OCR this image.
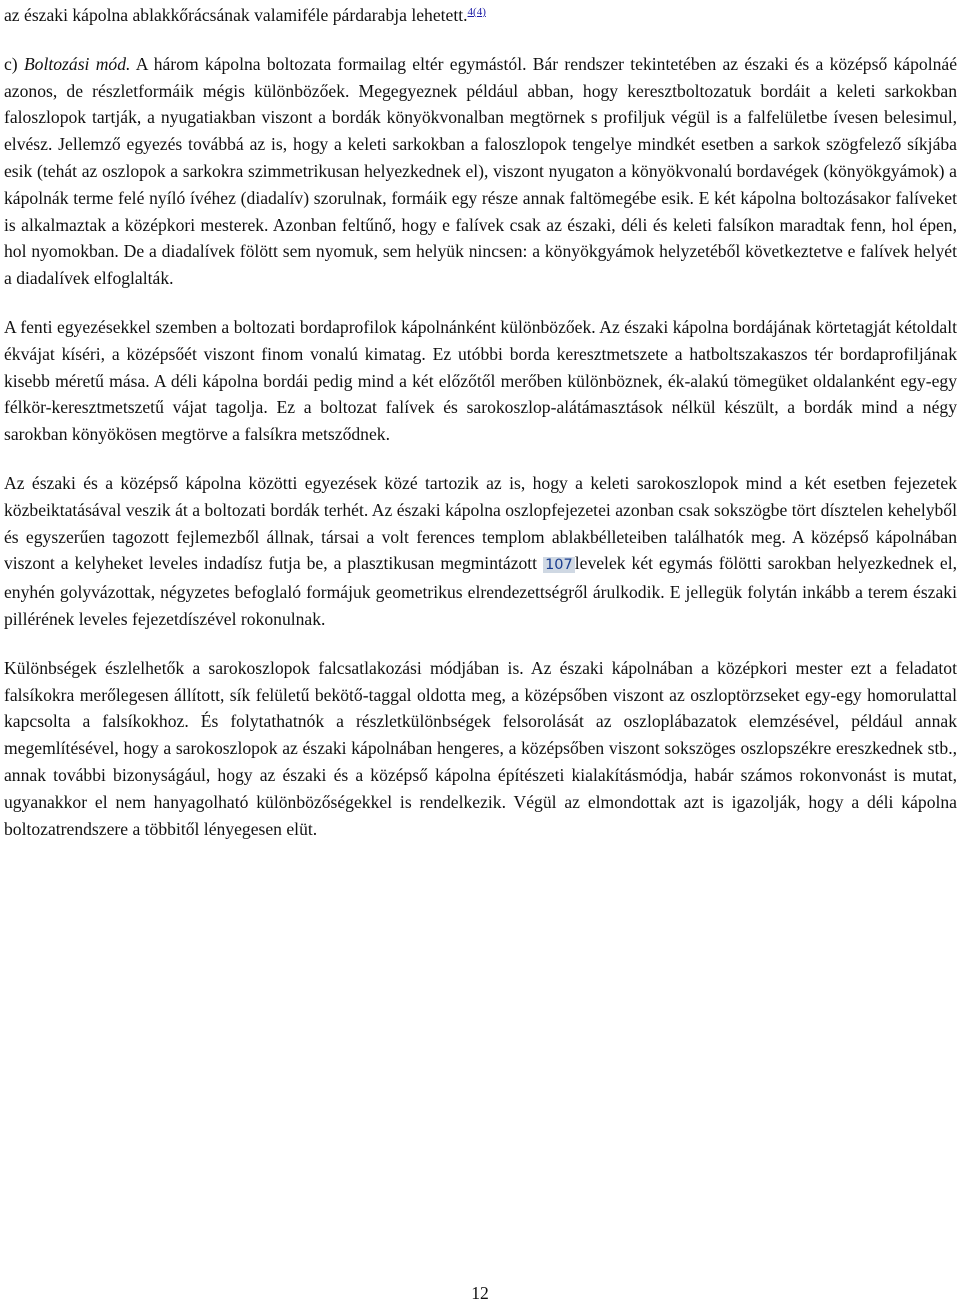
az északi kápolna ablakkőrácsának valamiféle párdarabja lehetett.$^{4(4)}$

c) Boltozási mód. A három kápolna boltozata formailag eltér egymástól. Bár rendszer tekintetében az északi és a középső kápolnáé azonos, de részletformáik mégis különbözőek. Megegyeznek például abban, hogy keresztboltozatuk bordáit a keleti sarkokban faloszlopok tartják, a nyugatiakban viszont a bordák könyökvonalban megtörnek s profiljuk végül is a falfelületbe ívesen belesimul, elvész. Jellemző egyezés továbbá az is, hogy a keleti sarkokban a faloszlopok tengelye mindkét esetben a sarkok szögfelező síkjába esik (tehát az oszlopok a sarkokra szimmetrikusan helyezkednek el), viszont nyugaton a könyökvonalú bordavégek (könyökgyámok) a kápolnák terme felé nyíló ívéhez (diadalív) szorulnak, formáik egy része annak faltömegébe esik. E két kápolna boltozásakor falíveket is alkalmaztak a középkori mesterek. Azonban feltűnő, hogy e falívek csak az északi, déli és keleti falsíkon maradtak fenn, hol épen, hol nyomokban. De a diadalívek fölött sem nyomuk, sem helyük nincsen: a könyökgyámok helyzetéből következtetve e falívek helyét a diadalívek elfoglalták.

A fenti egyezésekkel szemben a boltozati bordaprofilok kápolnánként különbözőek. Az északi kápolna bordájának körtetagját kétoldalt ékvájat kíséri, a középsőét viszont finom vonalú kimatag. Ez utóbbi borda keresztmetszete a hatboltszakaszos tér bordaprofiljának kisebb méretű mása. A déli kápolna bordái pedig mind a két előzőtől merőben különböznek, ék-alakú tömegüket oldalanként egy-egy félkör-keresztmetszetű vájat tagolja. Ez a boltozat falívek és sarokoszlop-alátámasztások nélkül készült, a bordák mind a négy sarokban könyökösen megtörve a falsíkra metsződnek.

Az északi és a középső kápolna közötti egyezések közé tartozik az is, hogy a keleti sarokoszlopok mind a két esetben fejezetek közbeiktatásával veszik át a boltozati bordák terhét. Az északi kápolna oszlopfejezetei azonban csak sokszögbe tört dísztelen kehelyből és egyszerűen tagozott fejlemezből állnak, társai a volt ferences templom ablakbélleteiben találhatók meg. A középső kápolnában viszont a kelyheket leveles indadísz futja be, a plasztikusan megmintázott 107 levelek két egymás fölötti sarokban helyezkednek el, enyhén golyvázottak, négyzetes befoglaló formájuk geometrikus elrendezettségről árulkodik. E jellegük folytán inkább a terem északi pillérének leveles fejezetdíszével rokonulnak.

Különbségek észlelhetők a sarokoszlopok falcsatlakozási módjában is. Az északi kápolnában a középkori mester ezt a feladatot falsíkokra merőlegesen állított, sík felületű bekötő-taggal oldotta meg, a középsőben viszont az oszloptörzseket egy-egy homorulattal kapcsolta a falsíkokhoz. És folytathatnók a részletkülönbségek felsorolását az oszloplábazatok elemzésével, például annak megemlítésével, hogy a sarokoszlopok az északi kápolnában hengeres, a középsőben viszont sokszöges oszlopszékre ereszkednek stb., annak további bizonyságául, hogy az északi és a középső kápolna építészeti kialakításmódja, habár számos rokonvonást is mutat, ugyanakkor el nem hanyagolható különbözőségekkel is rendelkezik. Végül az elmondottak azt is igazolják, hogy a déli kápolna boltozatrendszere a többitől lényegesen elüt.

12
